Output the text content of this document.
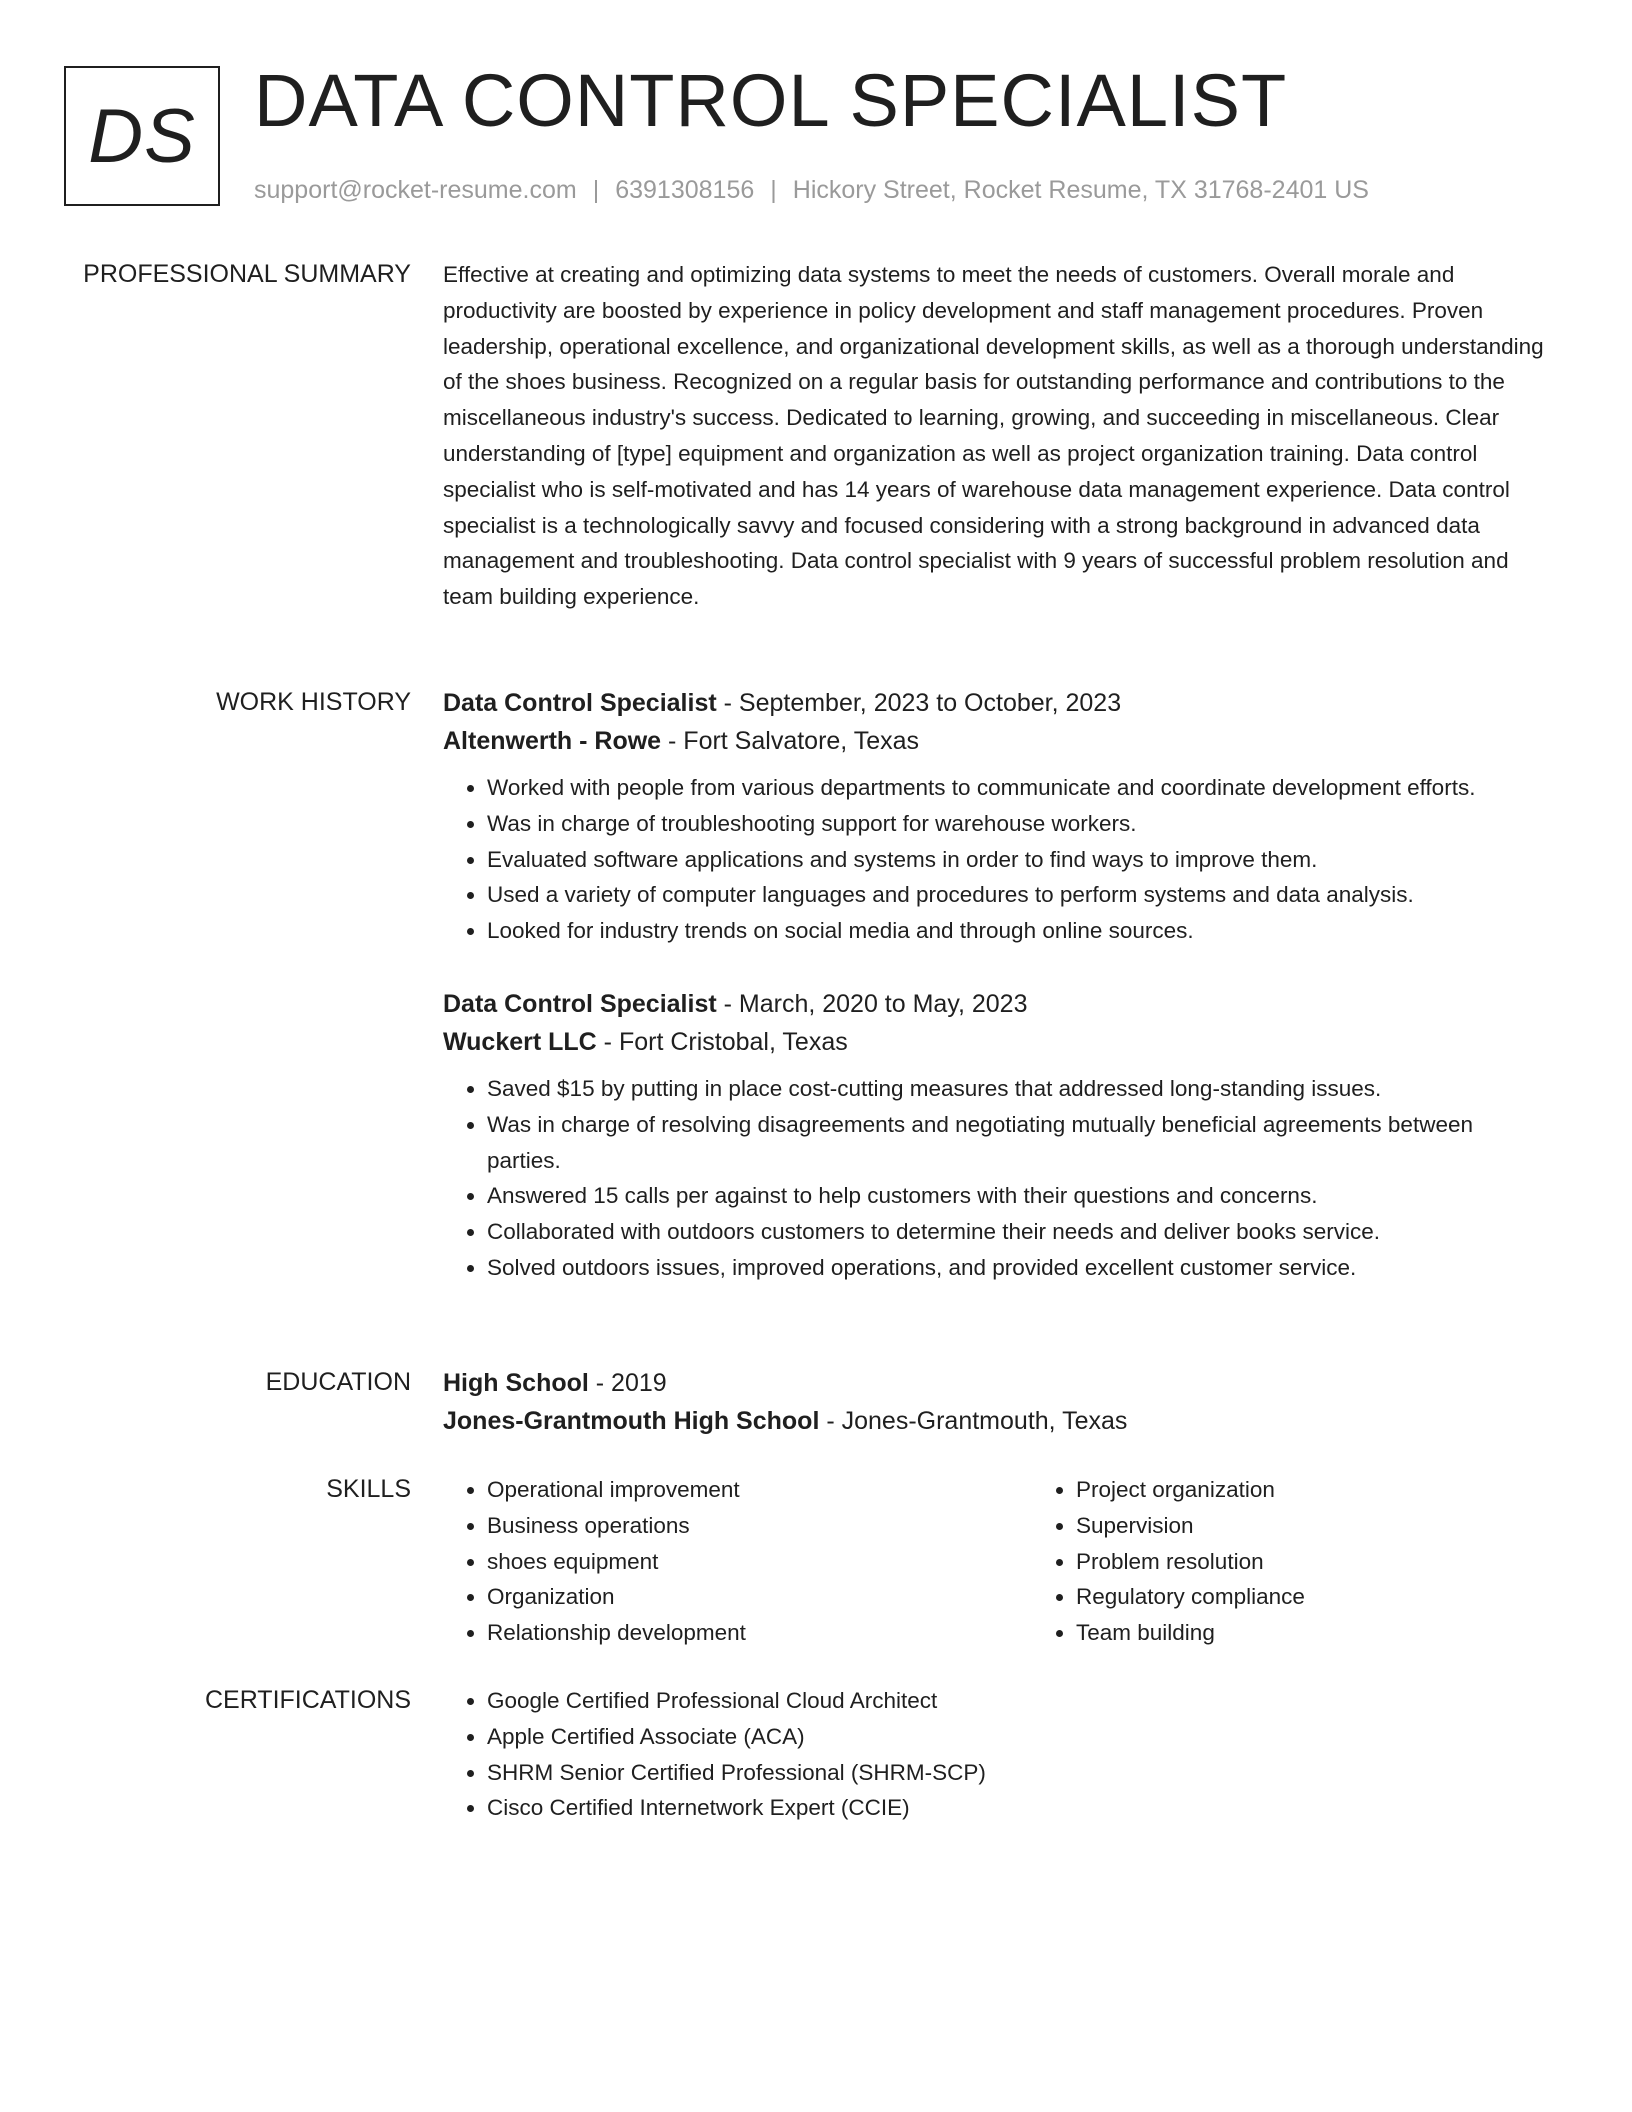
DS DATA CONTROL SPECIALIST
support@rocket-resume.com | 6391308156 | Hickory Street, Rocket Resume, TX 31768-2401 US
PROFESSIONAL SUMMARY Effective at creating and optimizing data systems to meet the needs of customers. Overall morale and productivity are boosted by experience in policy development and staff management procedures. Proven leadership, operational excellence, and organizational development skills, as well as a thorough understanding of the shoes business. Recognized on a regular basis for outstanding performance and contributions to the miscellaneous industry's success. Dedicated to learning, growing, and succeeding in miscellaneous. Clear understanding of [type] equipment and organization as well as project organization training. Data control specialist who is self-motivated and has 14 years of warehouse data management experience. Data control specialist is a technologically savvy and focused considering with a strong background in advanced data management and troubleshooting. Data control specialist with 9 years of successful problem resolution and team building experience.

WORK HISTORY Data Control Specialist - September, 2023 to October, 2023
Altenwerth - Rowe - Fort Salvatore, Texas
• Worked with people from various departments to communicate and coordinate development efforts.
• Was in charge of troubleshooting support for warehouse workers.
• Evaluated software applications and systems in order to find ways to improve them.
• Used a variety of computer languages and procedures to perform systems and data analysis.
• Looked for industry trends on social media and through online sources.
Data Control Specialist - March, 2020 to May, 2023
Wuckert LLC - Fort Cristobal, Texas
• Saved $15 by putting in place cost-cutting measures that addressed long-standing issues.
• Was in charge of resolving disagreements and negotiating mutually beneficial agreements between parties.
• Answered 15 calls per against to help customers with their questions and concerns.
• Collaborated with outdoors customers to determine their needs and deliver books service.
• Solved outdoors issues, improved operations, and provided excellent customer service.
EDUCATION High School - 2019
Jones-Grantmouth High School - Jones-Grantmouth, Texas
SKILLS	• Operational improvement
• Business operations
• shoes equipment
• Organization
• Relationship development
• Project organization
• Supervision
• Problem resolution
• Regulatory compliance
• Team building
CERTIFICATIONS	• Google Certified Professional Cloud Architect
• Apple Certified Associate (ACA)
• SHRM Senior Certified Professional (SHRM-SCP)
• Cisco Certified Internetwork Expert (CCIE)
